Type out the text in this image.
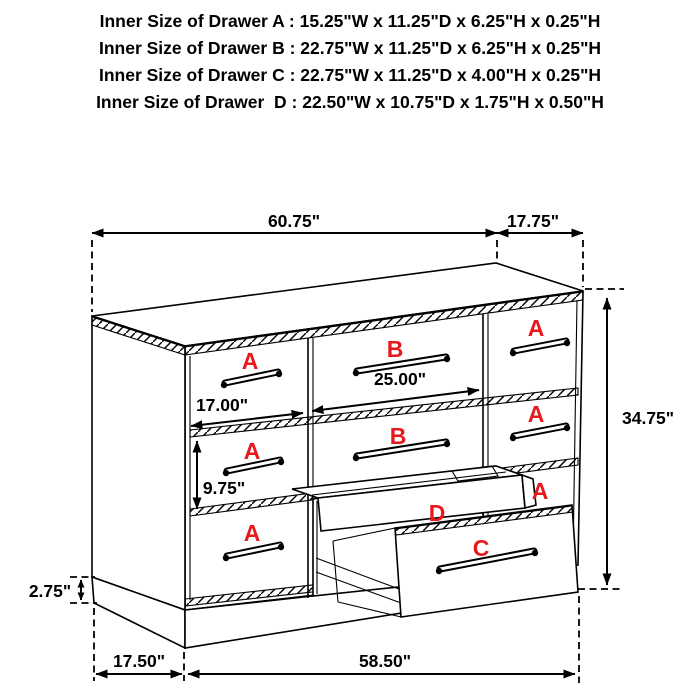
Inner Size of Drawer A : 15.25"W x 11.25"D x 6.25"H x 0.25"H
Inner Size of Drawer B : 22.75"W x 11.25"D x 6.25"H x 0.25"H
Inner Size of Drawer C : 22.75"W x 11.25"D x 4.00"H x 0.25"H
Inner Size of Drawer  D : 22.50"W x 10.75"D x 1.75"H x 0.50"H
A
A
A
B
B
D
C
A
A
A
60.75"	17.75"
17.00"
25.00"
9.75"
34.75"
2.75"
17.50"	58.50"
